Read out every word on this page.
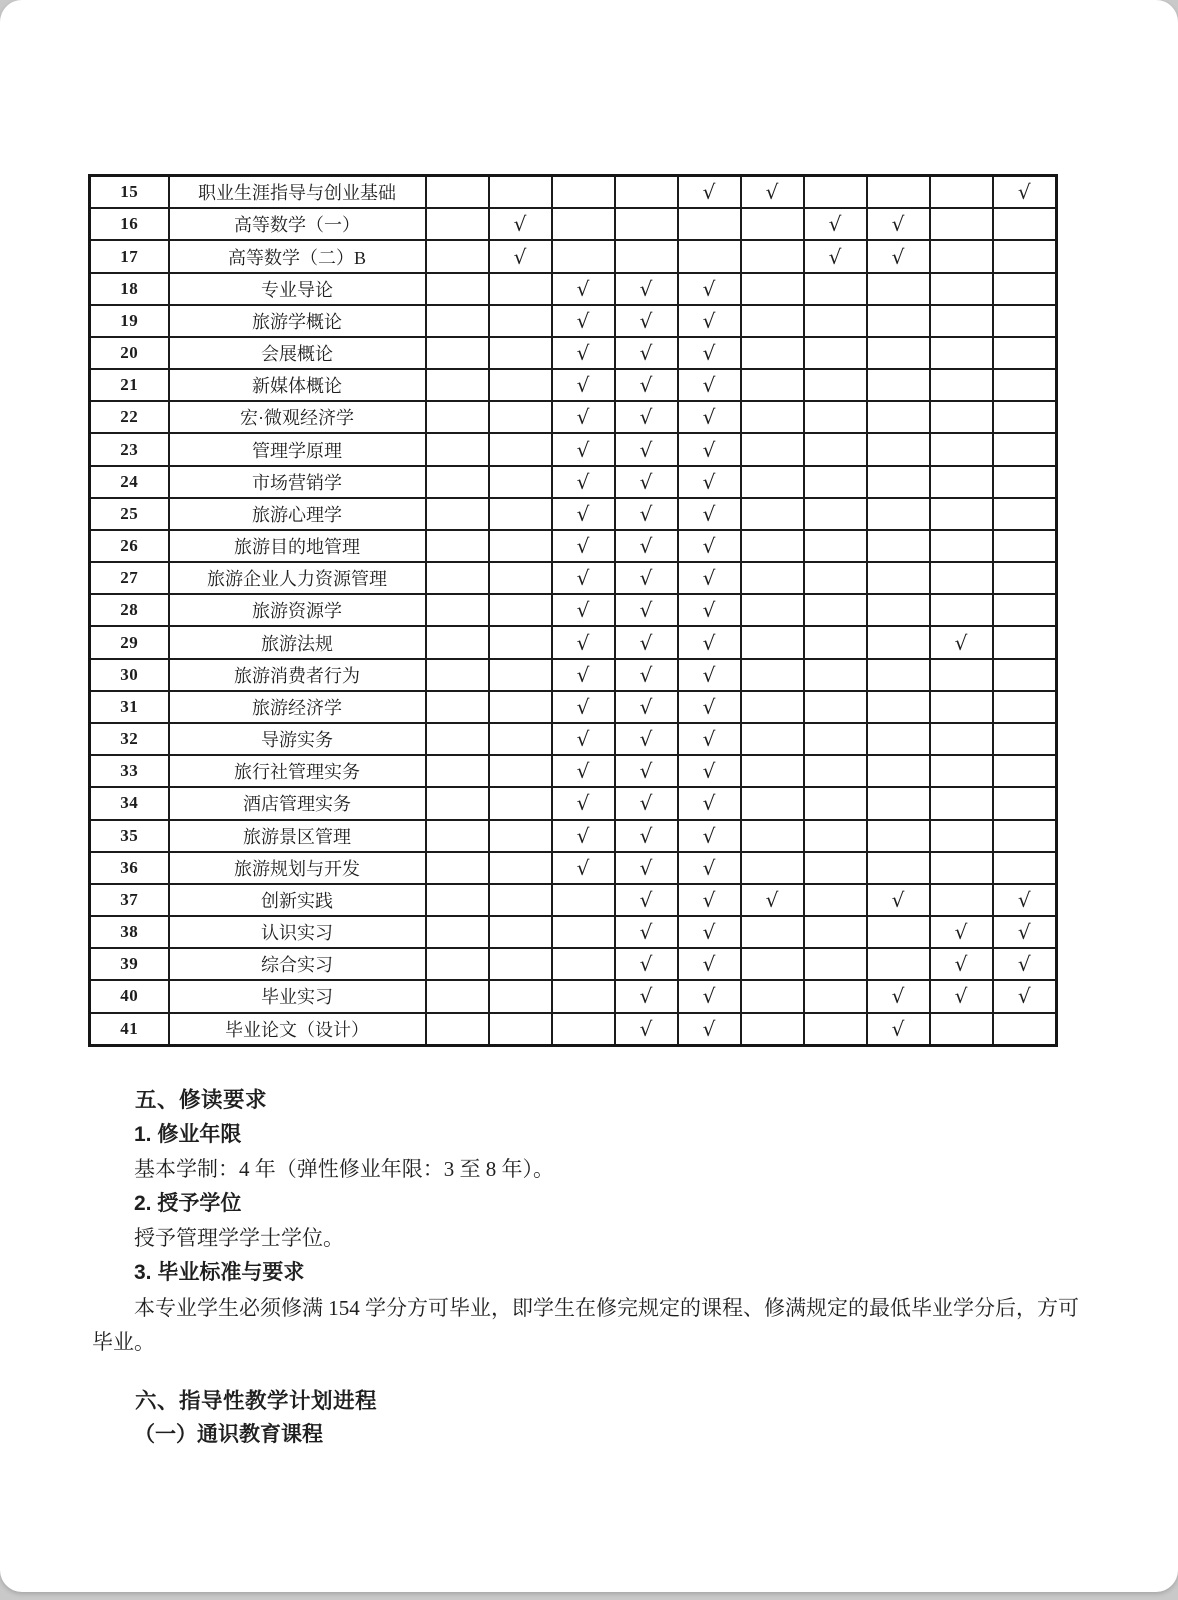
15	职业生涯指导与创业基础					√	√				√
16	高等数学（一）		√					√	√		
17	高等数学（二）B		√					√	√		
18	专业导论			√	√	√					
19	旅游学概论			√	√	√					
20	会展概论			√	√	√					
21	新媒体概论			√	√	√					
22	宏·微观经济学			√	√	√					
23	管理学原理			√	√	√					
24	市场营销学			√	√	√					
25	旅游心理学			√	√	√					
26	旅游目的地管理			√	√	√					
27	旅游企业人力资源管理			√	√	√					
28	旅游资源学			√	√	√					
29	旅游法规			√	√	√				√	
30	旅游消费者行为			√	√	√					
31	旅游经济学			√	√	√					
32	导游实务			√	√	√					
33	旅行社管理实务			√	√	√					
34	酒店管理实务			√	√	√					
35	旅游景区管理			√	√	√					
36	旅游规划与开发			√	√	√					
37	创新实践				√	√	√		√		√
38	认识实习				√	√				√	√
39	综合实习				√	√				√	√
40	毕业实习				√	√			√	√	√
41	毕业论文（设计）				√	√			√		
五、修读要求
1. 修业年限
基本学制：4 年（弹性修业年限：3 至 8 年）。
2. 授予学位
授予管理学学士学位。
3. 毕业标准与要求
本专业学生必须修满 154 学分方可毕业，即学生在修完规定的课程、修满规定的最低毕业学分后，方可毕业。
六、指导性教学计划进程
（一）通识教育课程
